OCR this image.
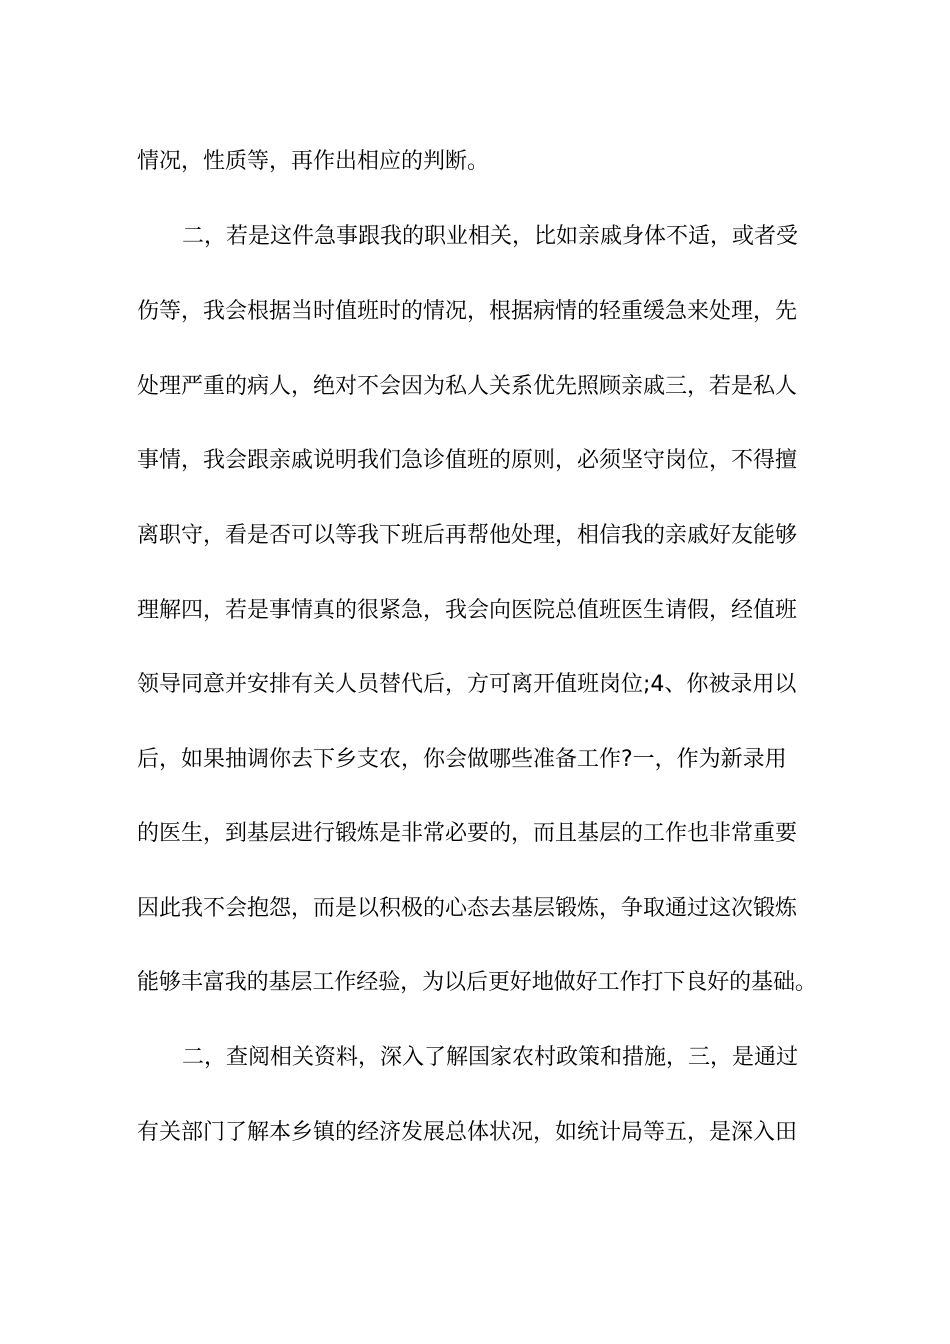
情况，性质等，再作出相应的判断。
二，若是这件急事跟我的职业相关，比如亲戚身体不适，或者受
伤等，我会根据当时值班时的情况，根据病情的轻重缓急来处理，先
处理严重的病人，绝对不会因为私人关系优先照顾亲戚三，若是私人
事情，我会跟亲戚说明我们急诊值班的原则，必须坚守岗位，不得擅
离职守，看是否可以等我下班后再帮他处理，相信我的亲戚好友能够
理解四，若是事情真的很紧急，我会向医院总值班医生请假，经值班
领导同意并安排有关人员替代后，方可离开值班岗位;4、你被录用以
后，如果抽调你去下乡支农，你会做哪些准备工作?一，作为新录用
的医生，到基层进行锻炼是非常必要的，而且基层的工作也非常重要
因此我不会抱怨，而是以积极的心态去基层锻炼，争取通过这次锻炼
能够丰富我的基层工作经验，为以后更好地做好工作打下良好的基础。
二，查阅相关资料，深入了解国家农村政策和措施，三，是通过
有关部门了解本乡镇的经济发展总体状况，如统计局等五，是深入田
